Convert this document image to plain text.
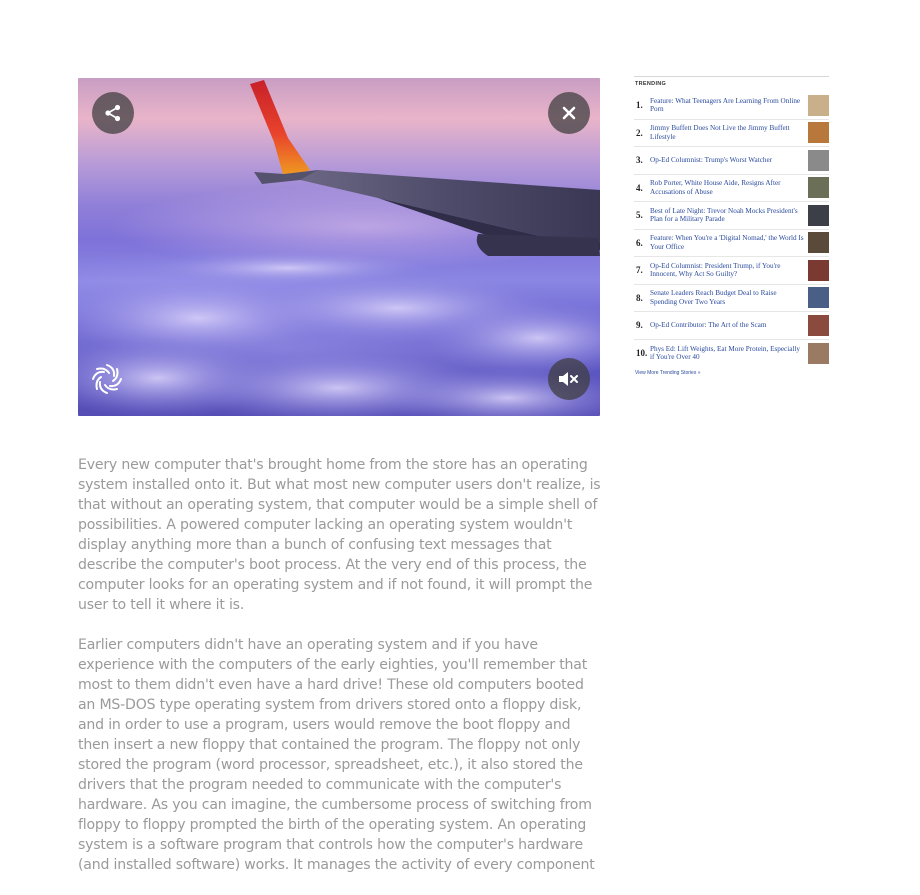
Every new computer that's brought home from the store has an operating system installed onto it. But what most new computer users don't realize, is that without an operating system, that computer would be a simple shell of possibilities. A powered computer lacking an operating system wouldn't display anything more than a bunch of confusing text messages that describe the computer's boot process. At the very end of this process, the computer looks for an operating system and if not found, it will prompt the user to tell it where it is.

Earlier computers didn't have an operating system and if you have experience with the computers of the early eighties, you'll remember that most to them didn't even have a hard drive! These old computers booted an MS-DOS type operating system from drivers stored onto a floppy disk, and in order to use a program, users would remove the boot floppy and then insert a new floppy that contained the program. The floppy not only stored the program (word processor, spreadsheet, etc.), it also stored the drivers that the program needed to communicate with the computer's hardware. As you can imagine, the cumbersome process of switching from floppy to floppy prompted the birth of the operating system. An operating system is a software program that controls how the computer's hardware (and installed software) works. It manages the activity of every component

TRENDING
1.	Feature: What Teenagers Are Learning From Online Porn
2.	Jimmy Buffett Does Not Live the Jimmy Buffett Lifestyle
3.	Op-Ed Columnist: Trump's Worst Watcher
4.	Rob Porter, White House Aide, Resigns After Accusations of Abuse
5.	Best of Late Night: Trevor Noah Mocks President's Plan for a Military Parade
6.	Feature: When You're a 'Digital Nomad,' the World Is Your Office
7.	Op-Ed Columnist: President Trump, if You're Innocent, Why Act So Guilty?
8.	Senate Leaders Reach Budget Deal to Raise Spending Over Two Years
9.	Op-Ed Contributor: The Art of the Scam
10. Phys Ed: Lift Weights, Eat More Protein, Especially if You're Over 40
View More Trending Stories »
